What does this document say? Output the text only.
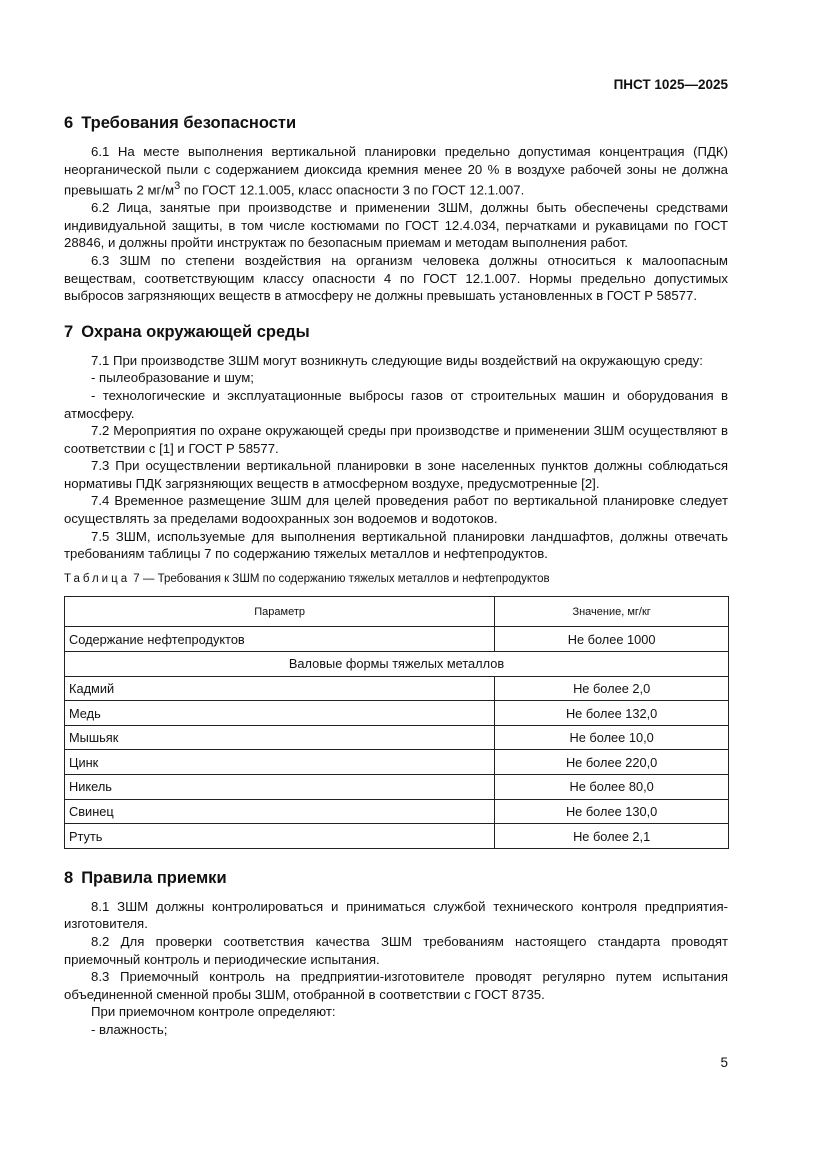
ПНСТ 1025—2025
6 Требования безопасности

6.1 На месте выполнения вертикальной планировки предельно допустимая концентрация (ПДК) неорганической пыли с содержанием диоксида кремния менее 20 % в воздухе рабочей зоны не должна превышать 2 $мг/м^3$ по ГОСТ 12.1.005, класс опасности 3 по ГОСТ 12.1.007.

6.2 Лица, занятые при производстве и применении ЗШМ, должны быть обеспечены средствами индивидуальной защиты, в том числе костюмами по ГОСТ 12.4.034, перчатками и рукавицами по ГОСТ 28846, и должны пройти инструктаж по безопасным приемам и методам выполнения работ.

6.3 ЗШМ по степени воздействия на организм человека должны относиться к малоопасным веществам, соответствующим классу опасности 4 по ГОСТ 12.1.007. Нормы предельно допустимых выбросов загрязняющих веществ в атмосферу не должны превышать установленных в ГОСТ Р 58577.

7 Охрана окружающей среды

7.1 При производстве ЗШМ могут возникнуть следующие виды воздействий на окружающую среду:

- пылеобразование и шум;

- технологические и эксплуатационные выбросы газов от строительных машин и оборудования в атмосферу.

7.2 Мероприятия по охране окружающей среды при производстве и применении ЗШМ осуществляют в соответствии с [1] и ГОСТ Р 58577.

7.3 При осуществлении вертикальной планировки в зоне населенных пунктов должны соблюдаться нормативы ПДК загрязняющих веществ в атмосферном воздухе, предусмотренные [2].

7.4 Временное размещение ЗШМ для целей проведения работ по вертикальной планировке следует осуществлять за пределами водоохранных зон водоемов и водотоков.

7.5 ЗШМ, используемые для выполнения вертикальной планировки ландшафтов, должны отвечать требованиям таблицы 7 по содержанию тяжелых металлов и нефтепродуктов.

Таблица 7 — Требования к ЗШМ по содержанию тяжелых металлов и нефтепродуктов

Параметр	Значение, мг/кг
Содержание нефтепродуктов	Не более 1000
Валовые формы тяжелых металлов	
Кадмий	Не более 2,0
Медь	Не более 132,0
Мышьяк	Не более 10,0
Цинк	Не более 220,0
Никель	Не более 80,0
Свинец	Не более 130,0
Ртуть	Не более 2,1
8 Правила приемки

8.1 ЗШМ должны контролироваться и приниматься службой технического контроля предприятия-изготовителя.

8.2 Для проверки соответствия качества ЗШМ требованиям настоящего стандарта проводят приемочный контроль и периодические испытания.

8.3 Приемочный контроль на предприятии-изготовителе проводят регулярно путем испытания объединенной сменной пробы ЗШМ, отобранной в соответствии с ГОСТ 8735.

При приемочном контроле определяют:

- влажность;

5
